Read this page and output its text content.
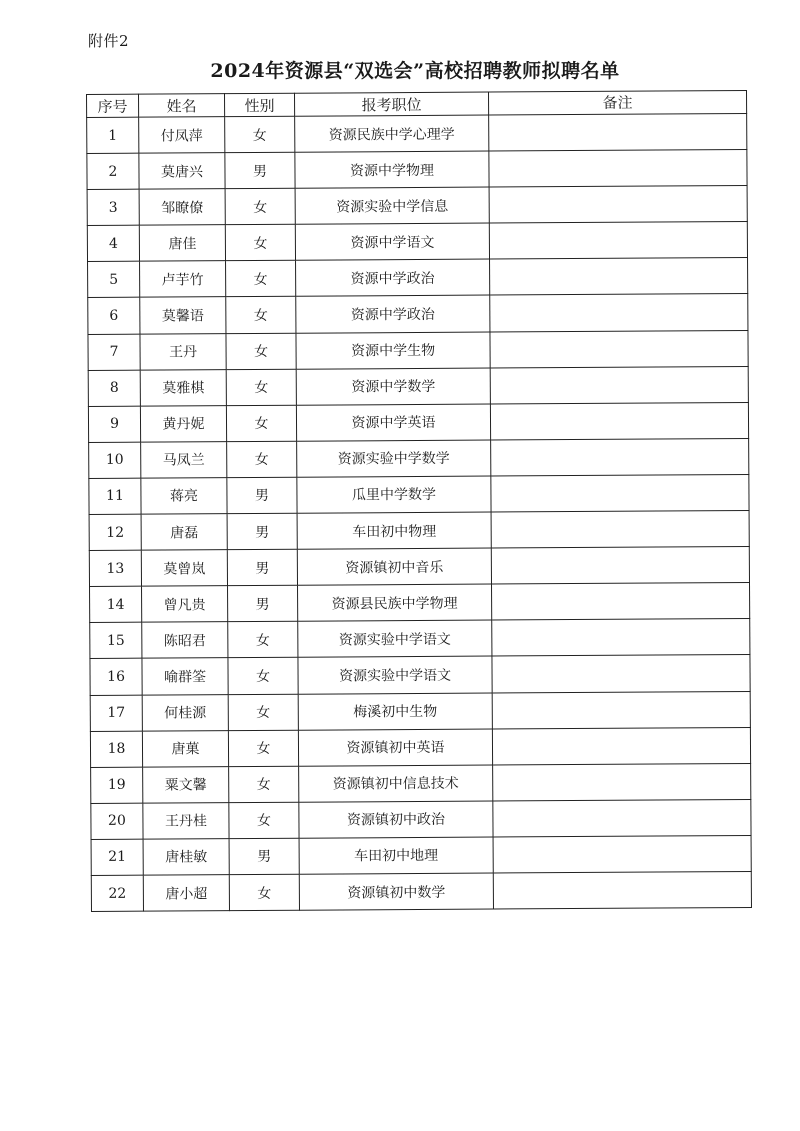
附件2
2024年资源县“双选会”高校招聘教师拟聘名单
序号	姓名	性别	报考职位	备注
1	付凤萍	女	资源民族中学心理学	
2	莫唐兴	男	资源中学物理	
3	邹瞭僚	女	资源实验中学信息	
4	唐佳	女	资源中学语文	
5	卢芋竹	女	资源中学政治	
6	莫馨语	女	资源中学政治	
7	王丹	女	资源中学生物	
8	莫雅棋	女	资源中学数学	
9	黄丹妮	女	资源中学英语	
10	马凤兰	女	资源实验中学数学	
11	蒋亮	男	瓜里中学数学	
12	唐磊	男	车田初中物理	
13	莫曾岚	男	资源镇初中音乐	
14	曾凡贵	男	资源县民族中学物理	
15	陈昭君	女	资源实验中学语文	
16	喻群筌	女	资源实验中学语文	
17	何桂源	女	梅溪初中生物	
18	唐菓	女	资源镇初中英语	
19	粟文馨	女	资源镇初中信息技术	
20	王丹桂	女	资源镇初中政治	
21	唐桂敏	男	车田初中地理	
22	唐小超	女	资源镇初中数学	
